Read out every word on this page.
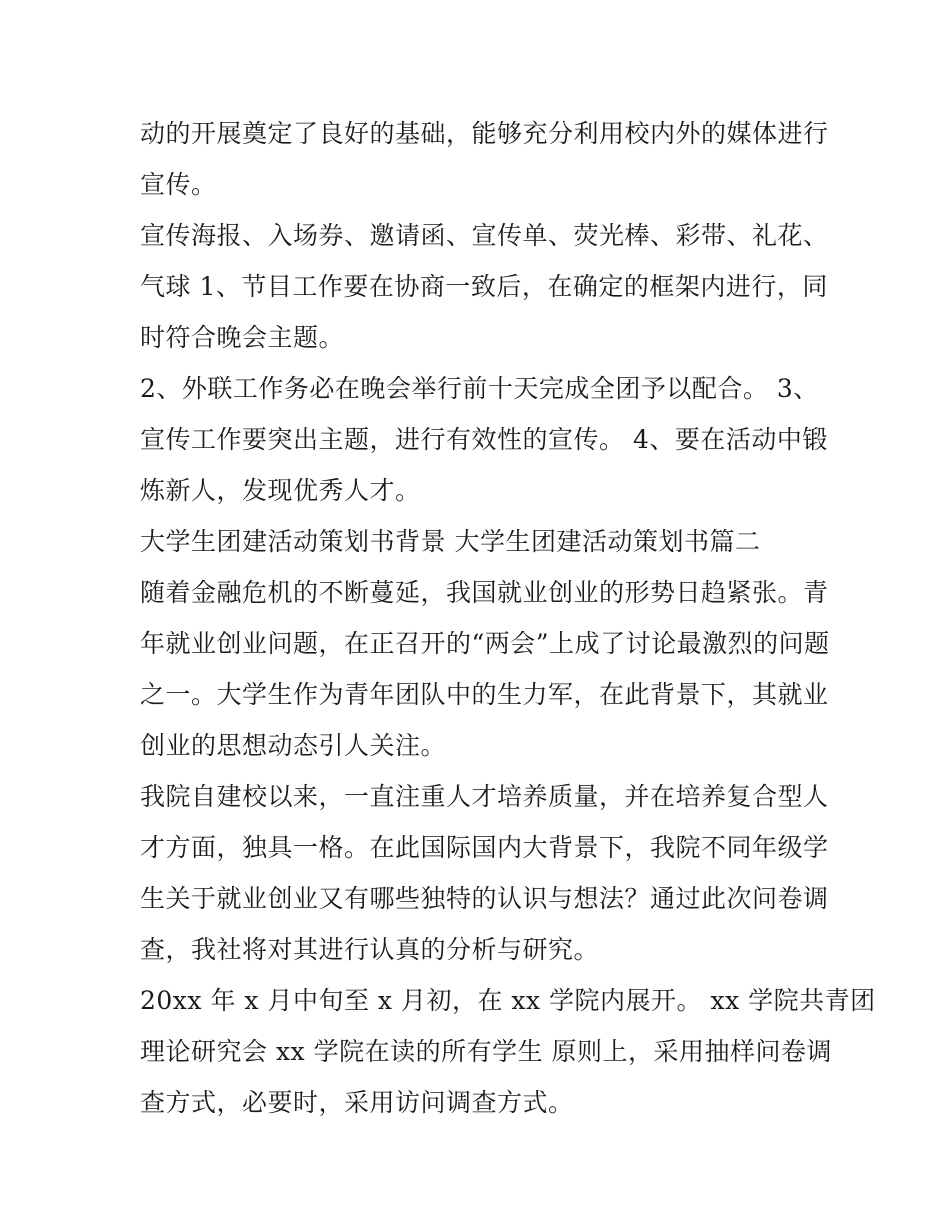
动的开展奠定了良好的基础，能够充分利用校内外的媒体进行
宣传。
宣传海报、入场券、邀请函、宣传单、荧光棒、彩带、礼花、
气球 1、节目工作要在协商一致后，在确定的框架内进行，同
时符合晚会主题。
2、外联工作务必在晚会举行前十天完成全团予以配合。 3、
宣传工作要突出主题，进行有效性的宣传。 4、要在活动中锻
炼新人，发现优秀人才。
大学生团建活动策划书背景 大学生团建活动策划书篇二
随着金融危机的不断蔓延，我国就业创业的形势日趋紧张。青
年就业创业问题，在正召开的“两会”上成了讨论最激烈的问题
之一。大学生作为青年团队中的生力军，在此背景下，其就业
创业的思想动态引人关注。
我院自建校以来，一直注重人才培养质量，并在培养复合型人
才方面，独具一格。在此国际国内大背景下，我院不同年级学
生关于就业创业又有哪些独特的认识与想法？通过此次问卷调
查，我社将对其进行认真的分析与研究。
20xx 年 x 月中旬至 x 月初，在 xx 学院内展开。 xx 学院共青团
理论研究会 xx 学院在读的所有学生 原则上，采用抽样问卷调
查方式，必要时，采用访问调查方式。
